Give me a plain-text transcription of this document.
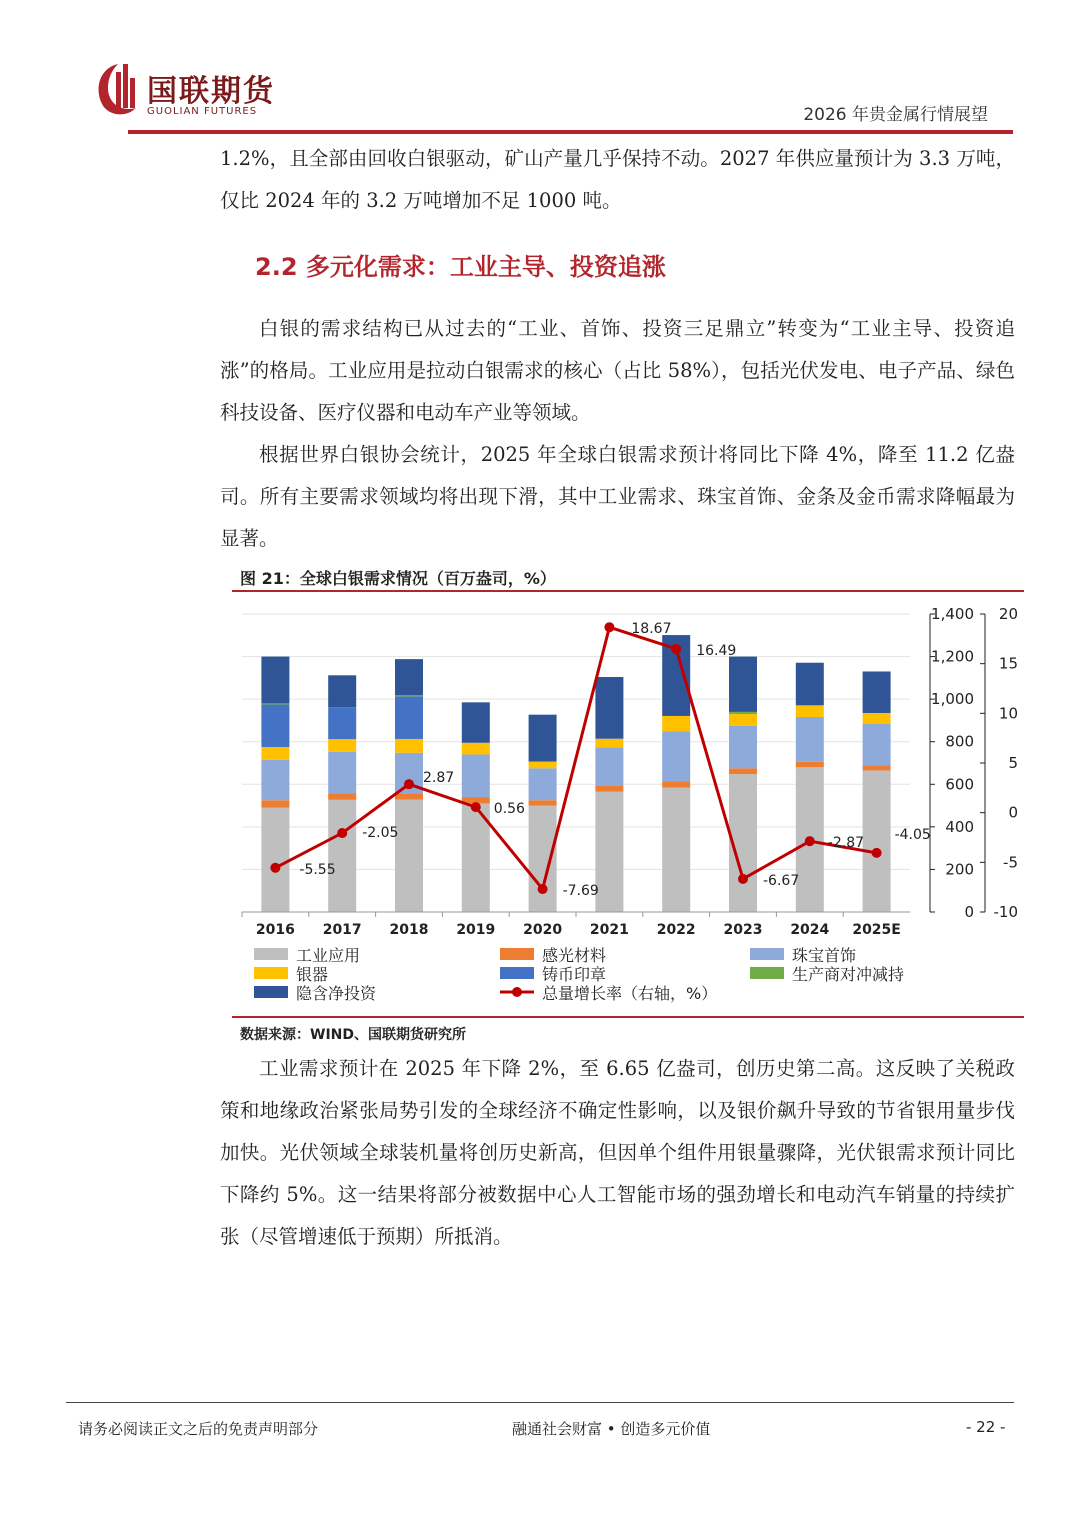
国联期货
GUOLIAN FUTURES	2026 年贵金属行情展望

1.2%，且全部由回收白银驱动，矿山产量几乎保持不动。2027 年供应量预计为 3.3 万吨，仅比 2024 年的 3.2 万吨增加不足 1000 吨。

2.2 多元化需求：工业主导、投资追涨

白银的需求结构已从过去的“工业、首饰、投资三足鼎立”转变为“工业主导、投资追涨”的格局。工业应用是拉动白银需求的核心（占比 58%），包括光伏发电、电子产品、绿色科技设备、医疗仪器和电动车产业等领域。

根据世界白银协会统计，2025 年全球白银需求预计将同比下降 4%，降至 11.2 亿盎司。所有主要需求领域均将出现下滑，其中工业需求、珠宝首饰、金条及金币需求降幅最为显著。

图 21：全球白银需求情况（百万盎司，%）
0
200
400
600
800
1,000
1,200
1,400
-10
-5
0
5
10
15
20
2016 2017 2018 2019 2020 2021 2022 2023 2024 2025E
-5.55
-2.05
2.87
0.56
-7.69
18.67
16.49
-6.67
-2.87
-4.05
工业应用	感光材料	珠宝首饰
银器	铸币印章	生产商对冲减持
隐含净投资	总量增长率（右轴，%）
数据来源：WIND、国联期货研究所

工业需求预计在 2025 年下降 2%，至 6.65 亿盎司，创历史第二高。这反映了关税政策和地缘政治紧张局势引发的全球经济不确定性影响，以及银价飙升导致的节省银用量步伐加快。光伏领域全球装机量将创历史新高，但因单个组件用银量骤降，光伏银需求预计同比下降约 5%。这一结果将部分被数据中心人工智能市场的强劲增长和电动汽车销量的持续扩张（尽管增速低于预期）所抵消。

请务必阅读正文之后的免责声明部分	融通社会财富 • 创造多元价值	- 22 -
